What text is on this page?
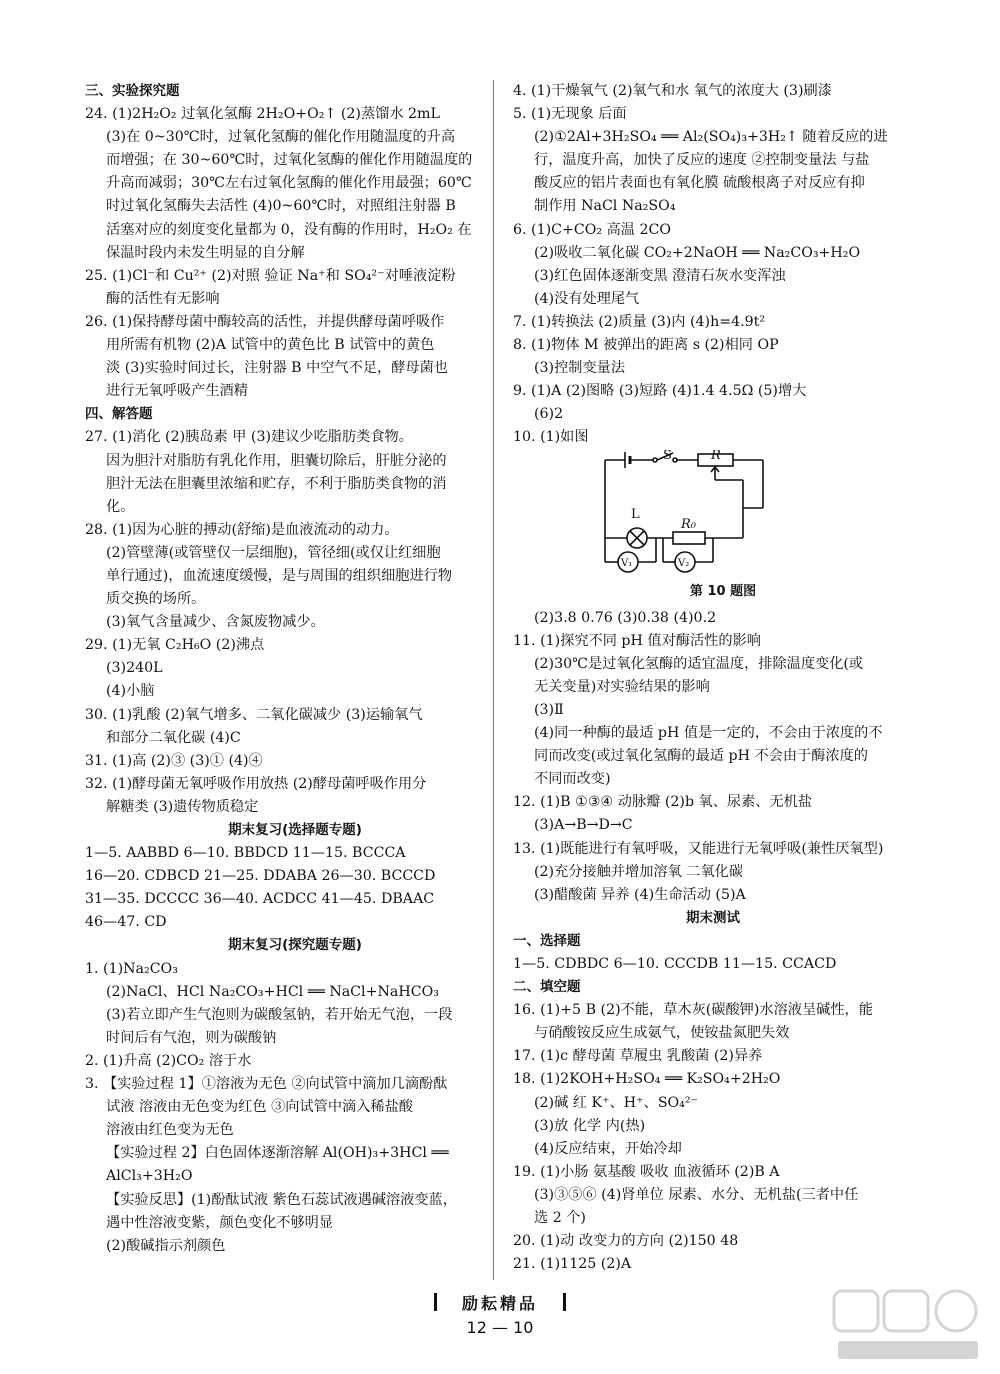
三、实验探究题
24. (1)2H₂O₂ 过氧化氢酶 2H₂O+O₂↑ (2)蒸馏水 2mL
(3)在 0~30℃时，过氧化氢酶的催化作用随温度的升高
而增强；在 30~60℃时，过氧化氢酶的催化作用随温度的
升高而减弱；30℃左右过氧化氢酶的催化作用最强；60℃
时过氧化氢酶失去活性 (4)0~60℃时，对照组注射器 B
活塞对应的刻度变化量都为 0，没有酶的作用时，H₂O₂ 在
保温时段内未发生明显的自分解
25. (1)Cl⁻和 Cu²⁺ (2)对照 验证 Na⁺和 SO₄²⁻对唾液淀粉
酶的活性有无影响
26. (1)保持酵母菌中酶较高的活性，并提供酵母菌呼吸作
用所需有机物 (2)A 试管中的黄色比 B 试管中的黄色
淡 (3)实验时间过长，注射器 B 中空气不足，酵母菌也
进行无氧呼吸产生酒精
四、解答题
27. (1)消化 (2)胰岛素 甲 (3)建议少吃脂肪类食物。
因为胆汁对脂肪有乳化作用，胆囊切除后，肝脏分泌的
胆汁无法在胆囊里浓缩和贮存，不利于脂肪类食物的消
化。
28. (1)因为心脏的搏动(舒缩)是血液流动的动力。
(2)管壁薄(或管壁仅一层细胞)，管径细(或仅让红细胞
单行通过)，血流速度缓慢，是与周围的组织细胞进行物
质交换的场所。
(3)氧气含量减少、含氮废物减少。
29. (1)无氧 C₂H₆O (2)沸点
(3)240L
(4)小脑
30. (1)乳酸 (2)氧气增多、二氧化碳减少 (3)运输氧气
和部分二氧化碳 (4)C
31. (1)高 (2)③ (3)① (4)④
32. (1)酵母菌无氧呼吸作用放热 (2)酵母菌呼吸作用分
解糖类 (3)遗传物质稳定
期末复习(选择题专题)
1—5. AABBD 6—10. BBDCD 11—15. BCCCA
16—20. CDBCD 21—25. DDABA 26—30. BCCCD
31—35. DCCCC 36—40. ACDCC 41—45. DBAAC
46—47. CD
期末复习(探究题专题)
1. (1)Na₂CO₃
(2)NaCl、HCl Na₂CO₃+HCl ══ NaCl+NaHCO₃
(3)若立即产生气泡则为碳酸氢钠，若开始无气泡，一段
时间后有气泡，则为碳酸钠
2. (1)升高 (2)CO₂ 溶于水
3. 【实验过程 1】①溶液为无色 ②向试管中滴加几滴酚酞
试液 溶液由无色变为红色 ③向试管中滴入稀盐酸
溶液由红色变为无色
【实验过程 2】白色固体逐渐溶解 Al(OH)₃+3HCl ══
AlCl₃+3H₂O
【实验反思】(1)酚酞试液 紫色石蕊试液遇碱溶液变蓝，
遇中性溶液变紫，颜色变化不够明显
(2)酸碱指示剂颜色
4. (1)干燥氧气 (2)氧气和水 氧气的浓度大 (3)刷漆
5. (1)无现象 后面
(2)①2Al+3H₂SO₄ ══ Al₂(SO₄)₃+3H₂↑ 随着反应的进
行，温度升高，加快了反应的速度 ②控制变量法 与盐
酸反应的铝片表面也有氧化膜 硫酸根离子对反应有抑
制作用 NaCl Na₂SO₄
6. (1)C+CO₂ 高温 2CO
(2)吸收二氧化碳 CO₂+2NaOH ══ Na₂CO₃+H₂O
(3)红色固体逐渐变黑 澄清石灰水变浑浊
(4)没有处理尾气
7. (1)转换法 (2)质量 (3)内 (4)h=4.9t²
8. (1)物体 M 被弹出的距离 s (2)相同 OP
(3)控制变量法
9. (1)A (2)图略 (3)短路 (4)1.4 4.5Ω (5)增大
(6)2
10. (1)如图
S	R
L
R₀
V₁	V₂
第 10 题图
(2)3.8 0.76 (3)0.38 (4)0.2
11. (1)探究不同 pH 值对酶活性的影响
(2)30℃是过氧化氢酶的适宜温度，排除温度变化(或
无关变量)对实验结果的影响
(3)Ⅱ
(4)同一种酶的最适 pH 值是一定的，不会由于浓度的不
同而改变(或过氧化氢酶的最适 pH 不会由于酶浓度的
不同而改变)
12. (1)B ①③④ 动脉瓣 (2)b 氧、尿素、无机盐
(3)A→B→D→C
13. (1)既能进行有氧呼吸，又能进行无氧呼吸(兼性厌氧型)
(2)充分接触并增加溶氧 二氧化碳
(3)醋酸菌 异养 (4)生命活动 (5)A
期末测试
一、选择题
1—5. CDBDC 6—10. CCCDB 11—15. CCACD
二、填空题
16. (1)+5 B (2)不能，草木灰(碳酸钾)水溶液呈碱性，能
与硝酸铵反应生成氨气，使铵盐氮肥失效
17. (1)c 酵母菌 草履虫 乳酸菌 (2)异养
18. (1)2KOH+H₂SO₄ ══ K₂SO₄+2H₂O
(2)碱 红 K⁺、H⁺、SO₄²⁻
(3)放 化学 内(热)
(4)反应结束，开始冷却
19. (1)小肠 氨基酸 吸收 血液循环 (2)B A
(3)③⑤⑥ (4)肾单位 尿素、水分、无机盐(三者中任
选 2 个)
20. (1)动 改变力的方向 (2)150 48
21. (1)1125 (2)A
励耘精品
12 — 10
